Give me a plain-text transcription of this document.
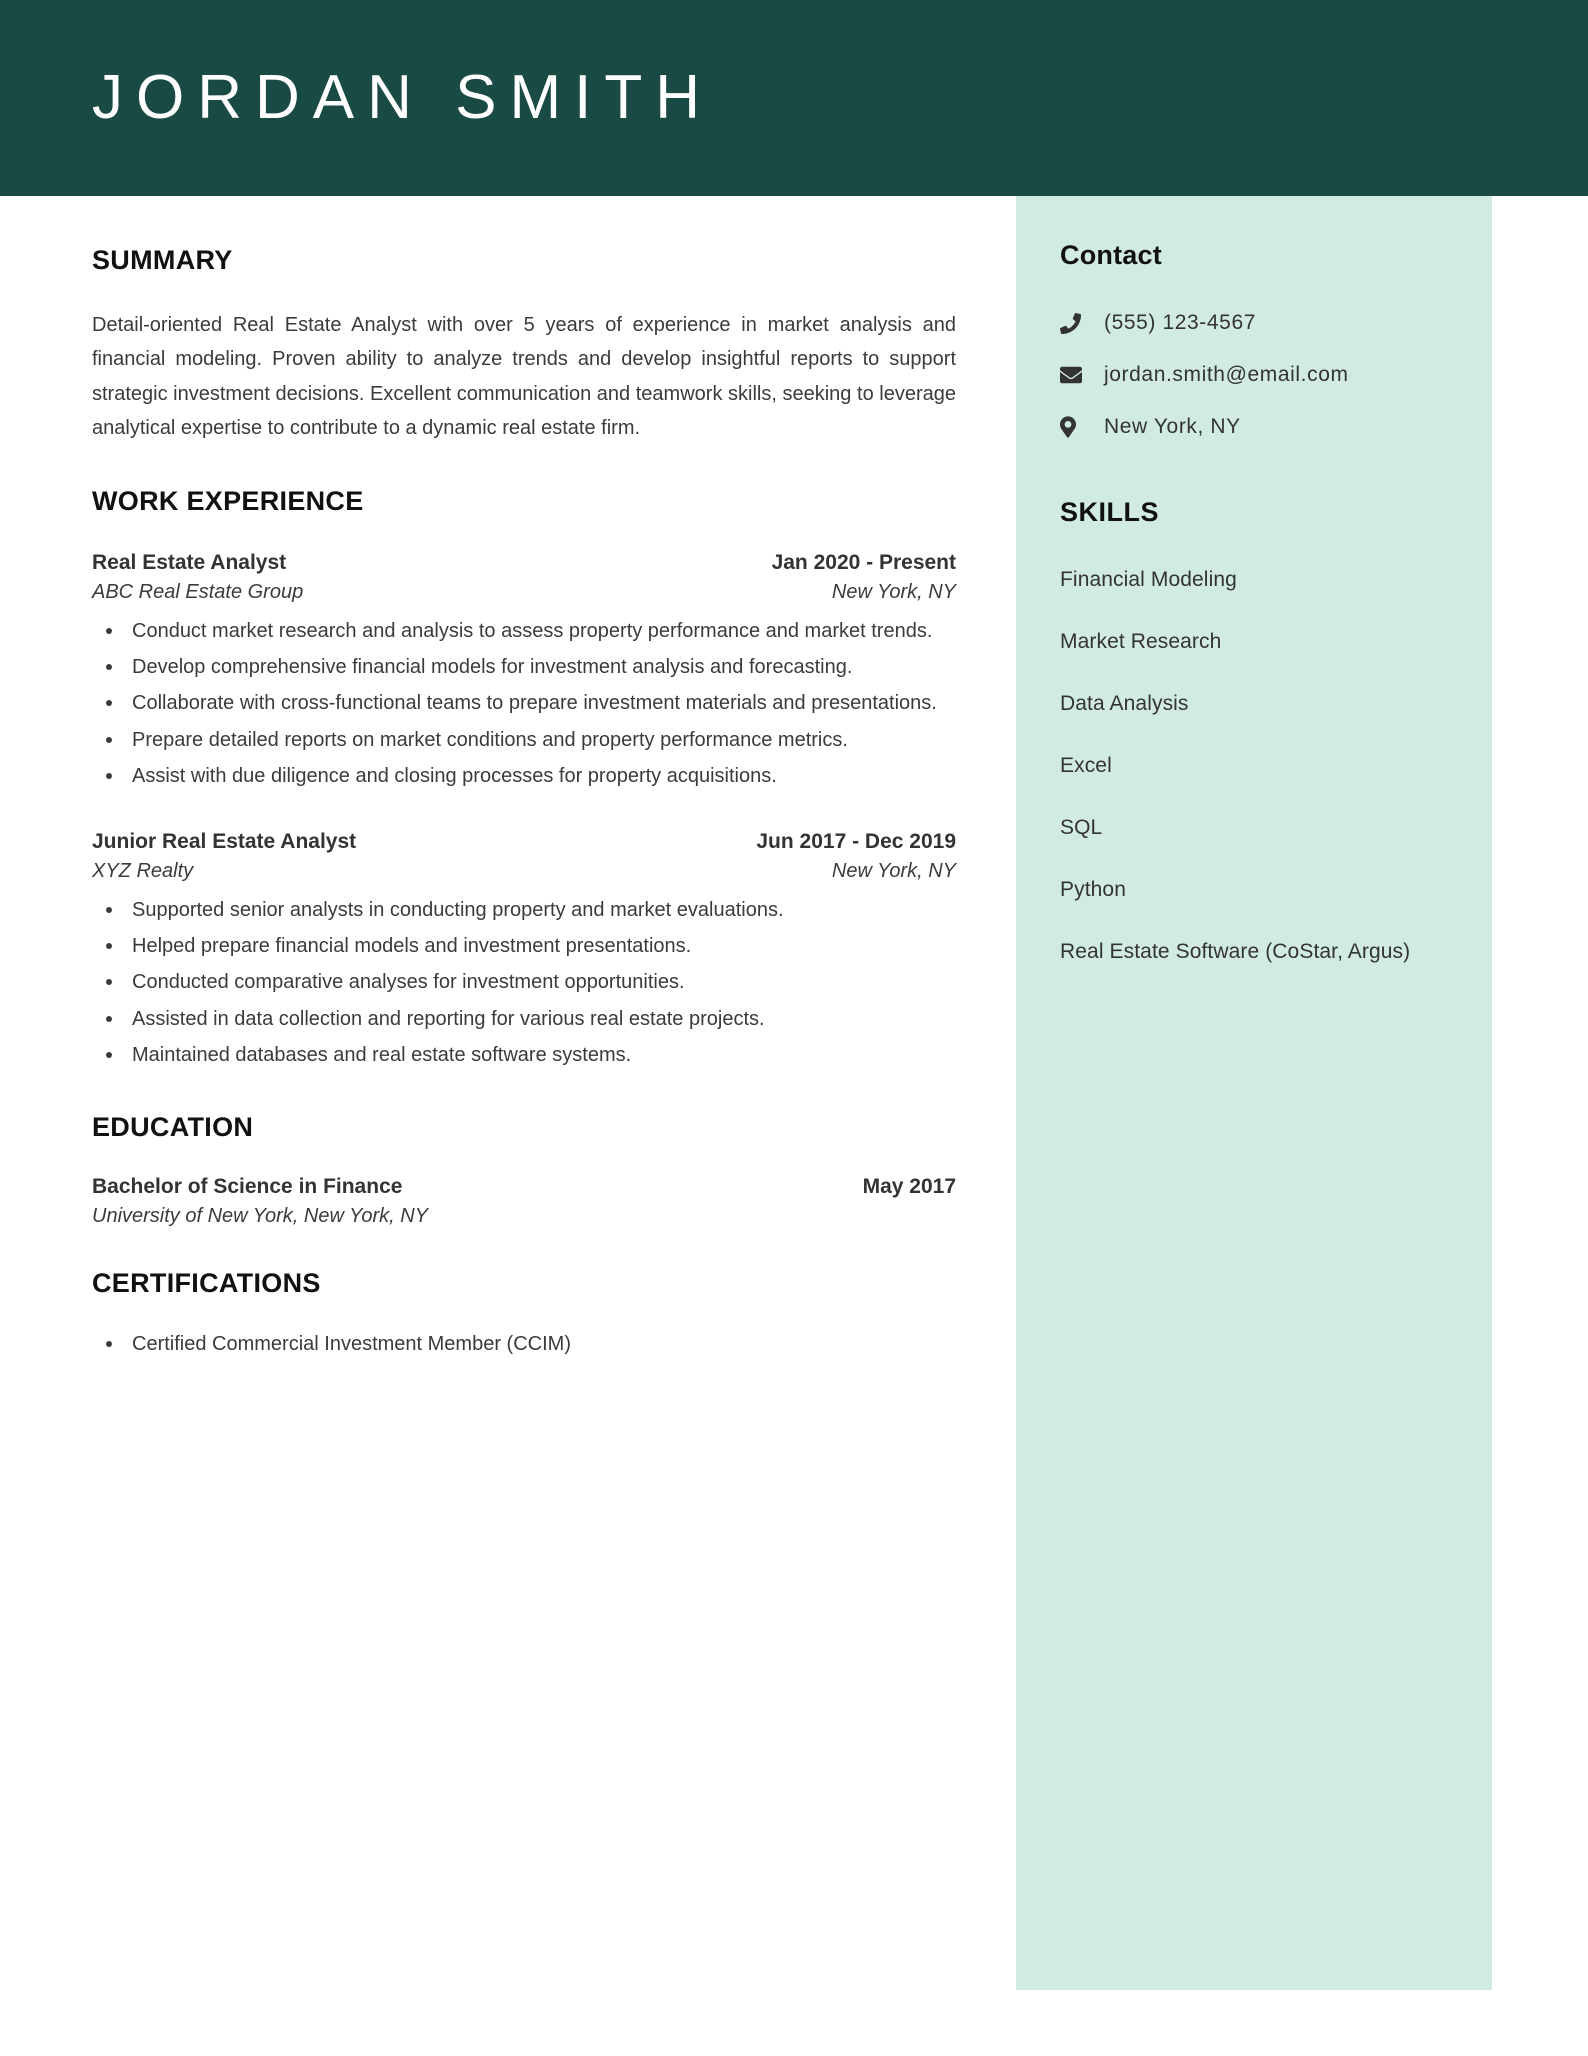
JORDAN SMITH
Contact
(555) 123-4567
jordan.smith@email.com
New York, NY
SKILLS
Financial Modeling
Market Research
Data Analysis
Excel
SQL
Python
Real Estate Software (CoStar, Argus)
SUMMARY

Detail-oriented Real Estate Analyst with over 5 years of experience in market analysis and financial modeling. Proven ability to analyze trends and develop insightful reports to support strategic investment decisions. Excellent communication and teamwork skills, seeking to leverage analytical expertise to contribute to a dynamic real estate firm.

WORK EXPERIENCE
Real Estate Analyst	Jan 2020 - Present
ABC Real Estate Group	New York, NY
Conduct market research and analysis to assess property performance and market trends.
Develop comprehensive financial models for investment analysis and forecasting.
Collaborate with cross-functional teams to prepare investment materials and presentations.
Prepare detailed reports on market conditions and property performance metrics.
Assist with due diligence and closing processes for property acquisitions.
Junior Real Estate Analyst	Jun 2017 - Dec 2019
XYZ Realty	New York, NY
Supported senior analysts in conducting property and market evaluations.
Helped prepare financial models and investment presentations.
Conducted comparative analyses for investment opportunities.
Assisted in data collection and reporting for various real estate projects.
Maintained databases and real estate software systems.
EDUCATION
Bachelor of Science in Finance	May 2017
University of New York, New York, NY
CERTIFICATIONS
Certified Commercial Investment Member (CCIM)
